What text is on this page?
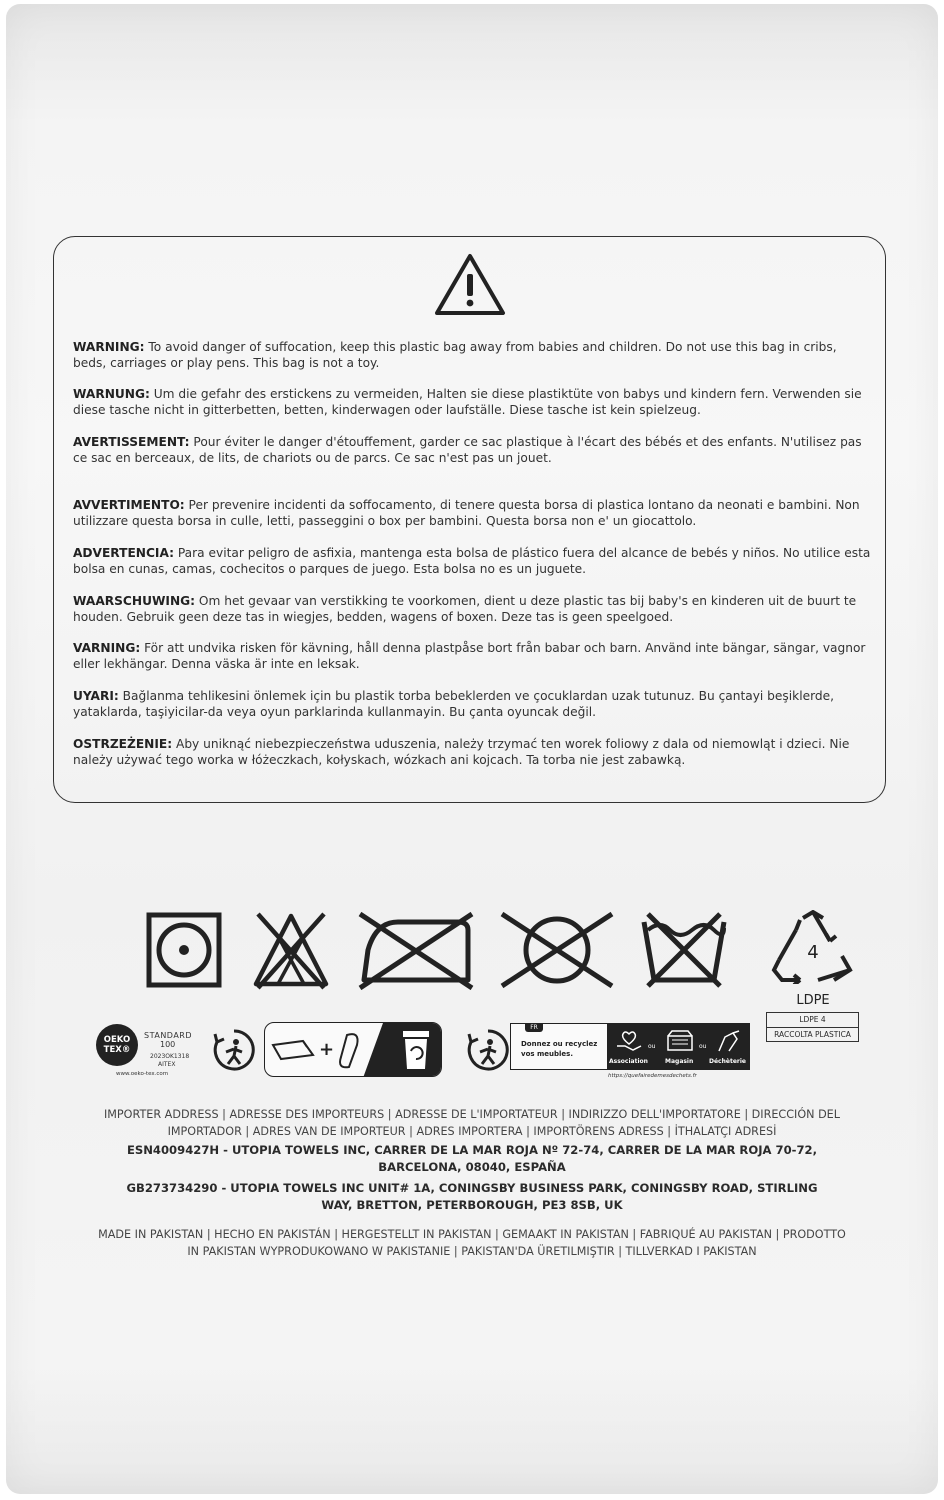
WARNING: To avoid danger of suffocation, keep this plastic bag away from babies and children. Do not use this bag in cribs, beds, carriages or play pens. This bag is not a toy.

WARNUNG: Um die gefahr des erstickens zu vermeiden, Halten sie diese plastiktüte von babys und kindern fern. Verwenden sie diese tasche nicht in gitterbetten, betten, kinderwagen oder laufställe. Diese tasche ist kein spielzeug.

AVERTISSEMENT: Pour éviter le danger d'étouffement, garder ce sac plastique à l'écart des bébés et des enfants. N'utilisez pas ce sac en berceaux, de lits, de chariots ou de parcs. Ce sac n'est pas un jouet.

AVVERTIMENTO: Per prevenire incidenti da soffocamento, di tenere questa borsa di plastica lontano da neonati e bambini. Non utilizzare questa borsa in culle, letti, passeggini o box per bambini. Questa borsa non e' un giocattolo.

ADVERTENCIA: Para evitar peligro de asfixia, mantenga esta bolsa de plástico fuera del alcance de bebés y niños. No utilice esta bolsa en cunas, camas, cochecitos o parques de juego. Esta bolsa no es un juguete.

WAARSCHUWING: Om het gevaar van verstikking te voorkomen, dient u deze plastic tas bij baby's en kinderen uit de buurt te houden. Gebruik geen deze tas in wiegjes, bedden, wagens of boxen. Deze tas is geen speelgoed.

VARNING: För att undvika risken för kävning, håll denna plastpåse bort från babar och barn. Använd inte bängar, sängar, vagnor eller lekhängar. Denna väska är inte en leksak.

UYARI: Bağlanma tehlikesini önlemek için bu plastik torba bebeklerden ve çocuklardan uzak tutunuz. Bu çantayi beşiklerde, yataklarda, taşiyicilar-da veya oyun parklarinda kullanmayin. Bu çanta oyuncak değil.

OSTRZEŻENIE: Aby uniknąć niebezpieczeństwa uduszenia, należy trzymać ten worek foliowy z dala od niemowląt i dzieci. Nie należy używać tego worka w łóżeczkach, kołyskach, wózkach ani kojcach. Ta torba nie jest zabawką.

4
LDPE
LDPE 4
RACCOLTA PLASTICA
OEKO
TEX®
STANDARD
100
2023OK1318
AITEX
www.oeko-tex.com
+
FR
Donnez ou recyclez
vos meubles.
ou	ou
Association	Magasin	Déchèterie
https://quefairedemesdechets.fr
IMPORTER ADDRESS | ADRESSE DES IMPORTEURS | ADRESSE DE L'IMPORTATEUR | INDIRIZZO DELL'IMPORTATORE | DIRECCIÓN DEL IMPORTADOR | ADRES VAN DE IMPORTEUR | ADRES IMPORTERA | IMPORTÖRENS ADRESS | İTHALATÇI ADRESİ
ESN4009427H - UTOPIA TOWELS INC, CARRER DE LA MAR ROJA Nº 72-74, CARRER DE LA MAR ROJA 70-72, BARCELONA, 08040, ESPAÑA
GB273734290 - UTOPIA TOWELS INC UNIT# 1A, CONINGSBY BUSINESS PARK, CONINGSBY ROAD, STIRLING WAY, BRETTON, PETERBOROUGH, PE3 8SB, UK
MADE IN PAKISTAN | HECHO EN PAKISTÁN | HERGESTELLT IN PAKISTAN | GEMAAKT IN PAKISTAN | FABRIQUÉ AU PAKISTAN | PRODOTTO IN PAKISTAN WYPRODUKOWANO W PAKISTANIE | PAKISTAN'DA ÜRETILMIŞTIR | TILLVERKAD I PAKISTAN
